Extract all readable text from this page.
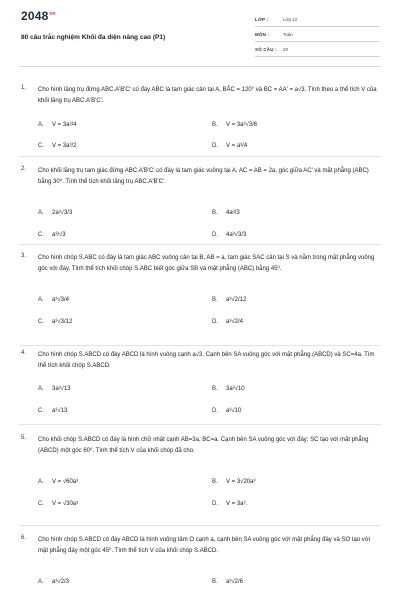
$2048^{vn}$
80 câu trắc nghiệm Khối đa diện nâng cao (P1)
LỚP :	Lớp 12
MÔN :	Toán
SỐ CÂU :	20
1. Cho hình lăng trụ đứng ABC.A'B'C' có đáy ABC là tam giác cân tại A, BÂC = 120° và BC = AA' = a√3. Tính theo a thể tích V của khối lăng trụ ABC.A'B'C'.
A. V = 3a³/4	B. V = 3a³√3/6
C. V = 3a³/2	D. V = a³/4
2. Cho khối lăng trụ tam giác đứng ABC.A'B'C' có đáy là tam giác vuông tại A, AC = AB = 2a, góc giữa AC' và mặt phẳng (ABC) bằng 30⁰. Tính thể tích khối lăng trụ ABC.A'B'C'.
A. 2a³√3/3	B. 4a³/3
C. a³/√3	D. 4a³√3/3
3. Cho hình chóp S.ABC có đáy là tam giác ABC vuông cân tại B, AB = a, tam giác SAC cân tại S và nằm trong mặt phẳng vuông góc với đáy. Tính thể tích khối chóp S.ABC biết góc giữa SB và mặt phẳng (ABC) bằng 45⁰.
A. a³√3/4	B. a³√2/12
C. a³√3/12	D. a³√2/4
4. Cho hình chóp S.ABCD có đáy ABCD là hình vuông cạnh a√3. Cạnh bên SA vuông góc với mặt phẳng (ABCD) và SC=4a. Tìm thể tích khối chóp S.ABCD.
A. 3a³√13	B. 3a³√10
C. a³√13	D. a³√10
5. Cho khối chóp S.ABCD có đáy là hình chữ nhật cạnh AB=3a, BC=a. Cạnh bên SA vuông góc với đáy; SC tạo với mặt phẳng (ABCD) một góc 60⁰. Tính thể tích V của khối chóp đã cho.
A. V = √60a³	B. V = 3√20a³
C. V = √30a³	D. V = 3a³.
6. Cho hình chóp S.ABCD có đáy ABCD là hình vuông tâm O cạnh a, cạnh bên SA vuông góc với mặt phẳng đáy và SO tạo với mặt phẳng đáy một góc 45⁰. Tính thể tích V của khối chóp S.ABCD.
A. a³√2/3	B. a³√2/6
